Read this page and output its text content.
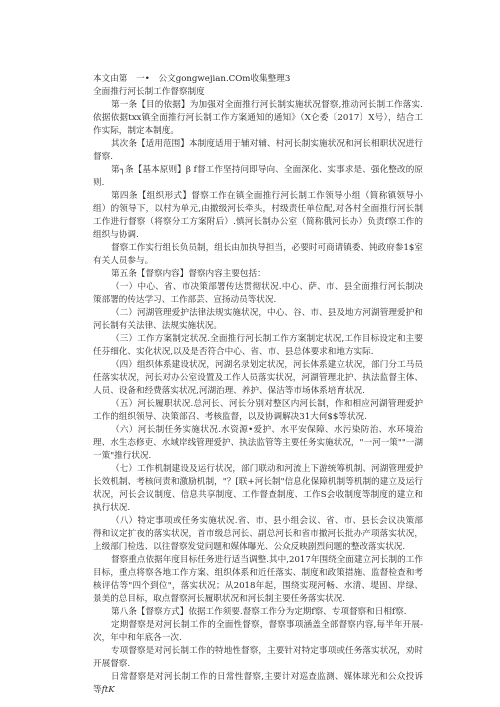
本文由第 一• 公文gongwejian.COm收集整理3

全面推行河长制工作督察制度

第一条【目的依据】为加强对全面推行河长制实施状况督察,推动河长制工作落实.依据依据txx镇全面推行河长制工作方案通知的通知》（X仑委〔2017〕X号），结合工作实际，制定本制度。

其次条【适用范围】本制度适用于辅对辅、村河长制实施状况和河长相职状况进行督察.

第┐条【基本原则】β f督工作坚持问即导向、全面深化、实事求是、强化整改的原则.

第四条【组织形式】督察工作在镇全面推行河长制工作领导小组（简称镇领导小组）的领导下，以村为单元,由撤级河长牵头，村级责任单位配,对各村全面推行河长制工作进行督察（将察分工方案附后）.慎河长制办公室（简称俄河长办）负责f察工作的组织与协调.

督察工作实行组长负员制，组长由加执导担当，必要时可商请镇委、钝政府参1$室有关人员参与。

第五条【督察内容】督察内容主要包括：

（一）中心、省、市决策部署传达贯彻状况.中心、萨、市、县全面推行河长制决策部署的传达学习、工作部芸、宣扬动员等状况.

（二）河湖管理爱护法律法规实施状况，中心、谷、市、县及地方河湖管理爱护和河长制有关法律、法规实施状况。

（三）工作方案制定状况.全面推行河长制工作方案制定状况,工作目标设定和主要任芬细化、实化状况,以及是否符合中心、省、市、县总体要求和地方实际.

（四）组织体系建设状况，河湖名录划定状况，河长体系建立状况，部门分工马员任落实状况，河长对办公室设置及工作人员落实状况，河湖管理北护、执法监督主体、人员、设备和经费落实状况,河湖治理、养护、保洁等市场体系培育状况.

（五）河长履职状况.总河长、河长分别对整区内河长制，作和相应河湖管理爱护工作的组织领导、决策部召、考核监督，以及协调解决31大何$$等状况.

（六）河长制任务实施状况.水资源•爱护、水平安保障、水污染防治、水环境治理、水生态修吏、水域岸线管理爱护、执法监管等主要任务实施状况，"一河一策""一湖一策"推行状况.

（七）工作机制建设及运行状况，部门联动和河流上下游统筹机制、河湖管理爱护长效机制、考核问责和激励机制，"？[联+河长制"信息化保障机制等机制的建立及运行状况，河长会议制度、信息共享制度、工作督查制度、工作S会收制度等制度的建立和执行状况.

（八）特定事项或任务实施状况.省、市、县小组会议、省、市、县长会议决策部得和议定扩夜的落实状况，首市级总河长、副总河长和省市撤河长批办产项落实状况，上级部门检选、以往督察发觉问题和媒体曝光、公众反映剧烈问题的整改落实状况.

督察重点依据年度目标任务进行适当调整.其中,2017年围绕全面建立河长制的工作目标，重点将察各地工作方案、组织体系和近任落实、制度和政策措施、监督检查和考核评估等"四个到位"，落实状况；从2018年起，围绕实现河畅、水清、堤固、岸绿、景美的总目标，取点督察河长履职状况和河长制主要任务落实状况.

第八条【督察方式】依据工作须要.督察工作分为定期f察、专项督察和日相f察.

定期督察是对河长制工作的全面性督察，督察事项涵盖全部督察内容,每半年开展-次，年中和年底各一次.

专项督察是对河长制工作的特地性督察，主要针对特定事项或任务落实状况，劝时开展督察.

日常督察是对河长制工作的日常性督察,主要计对巡查监测、媒体球光和公众投诉等𝑓𝑡𝐾
